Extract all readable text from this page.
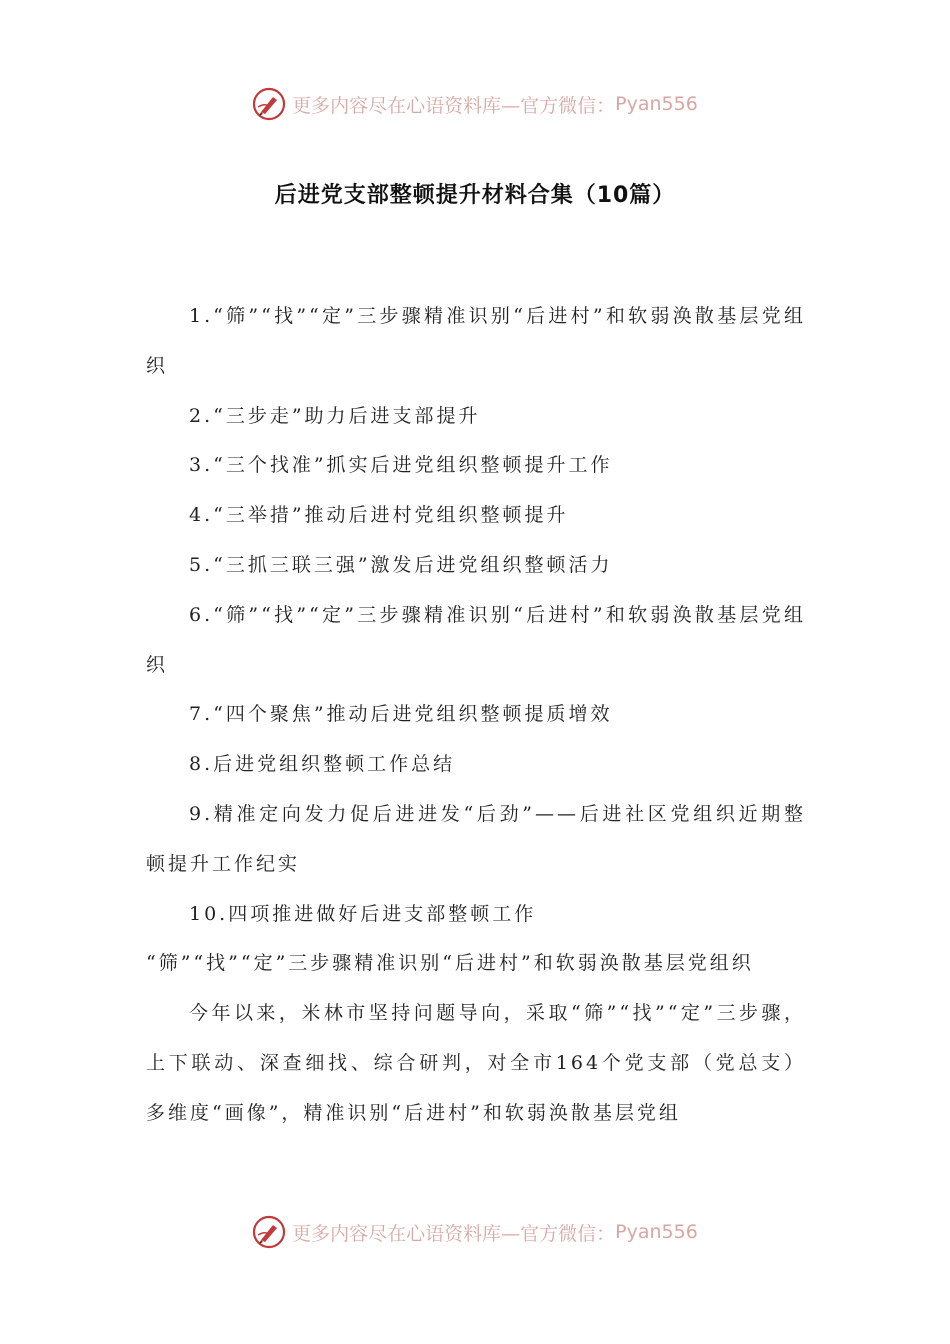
更多内容尽在心语资料库—官方微信： Pyan556
后进党支部整顿提升材料合集（10篇）

1.“筛”“找”“定”三步骤精准识别“后进村”和软弱涣散基层党组织

2.“三步走”助力后进支部提升

3.“三个找准”抓实后进党组织整顿提升工作

4.“三举措”推动后进村党组织整顿提升

5.“三抓三联三强”激发后进党组织整顿活力

6.“筛”“找”“定”三步骤精准识别“后进村”和软弱涣散基层党组织

7.“四个聚焦”推动后进党组织整顿提质增效

8.后进党组织整顿工作总结

9.精准定向发力促后进进发“后劲”——后进社区党组织近期整顿提升工作纪实

10.四项推进做好后进支部整顿工作

“筛”“找”“定”三步骤精准识别“后进村”和软弱涣散基层党组织

今年以来，米林市坚持问题导向，采取“筛”“找”“定”三步骤，上下联动、深查细找、综合研判，对全市164个党支部（党总支）多维度“画像”，精准识别“后进村”和软弱涣散基层党组

更多内容尽在心语资料库—官方微信： Pyan556
